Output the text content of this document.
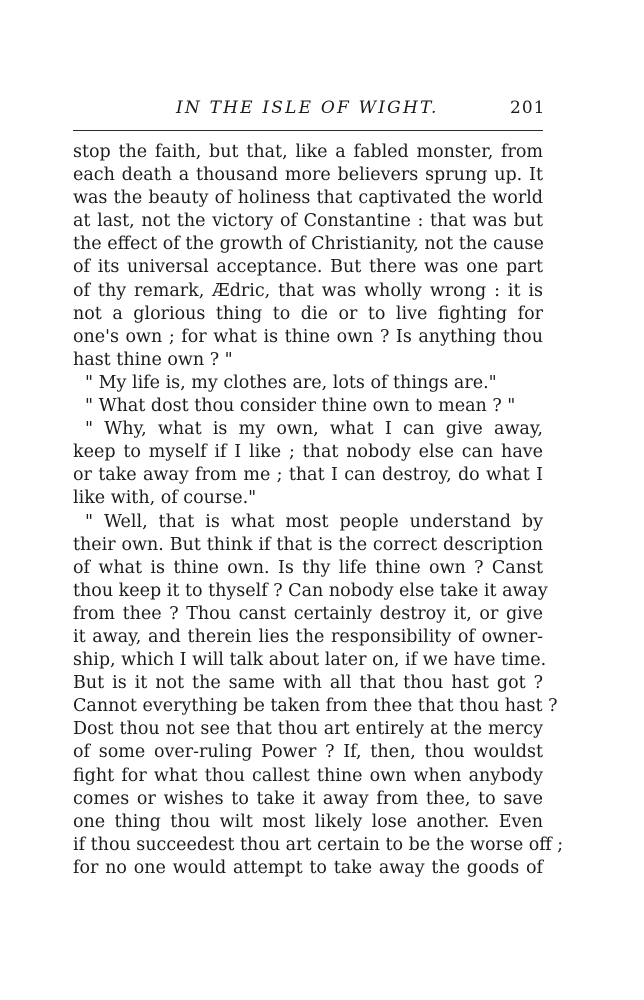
IN THE ISLE OF WIGHT.	201
stop the faith, but that, like a fabled monster, from
each death a thousand more believers sprung up. It
was the beauty of holiness that captivated the world
at last, not the victory of Constantine : that was but
the effect of the growth of Christianity, not the cause
of its universal acceptance. But there was one part
of thy remark, Ædric, that was wholly wrong : it is
not a glorious thing to die or to live fighting for
one's own ; for what is thine own ? Is anything thou
hast thine own ? "
" My life is, my clothes are, lots of things are."
" What dost thou consider thine own to mean ? "
" Why, what is my own, what I can give away,
keep to myself if I like ; that nobody else can have
or take away from me ; that I can destroy, do what I
like with, of course."
" Well, that is what most people understand by
their own. But think if that is the correct description
of what is thine own. Is thy life thine own ? Canst
thou keep it to thyself ? Can nobody else take it away
from thee ? Thou canst certainly destroy it, or give
it away, and therein lies the responsibility of owner-
ship, which I will talk about later on, if we have time.
But is it not the same with all that thou hast got ?
Cannot everything be taken from thee that thou hast ?
Dost thou not see that thou art entirely at the mercy
of some over-ruling Power ? If, then, thou wouldst
fight for what thou callest thine own when anybody
comes or wishes to take it away from thee, to save
one thing thou wilt most likely lose another. Even
if thou succeedest thou art certain to be the worse off ;
for no one would attempt to take away the goods of
